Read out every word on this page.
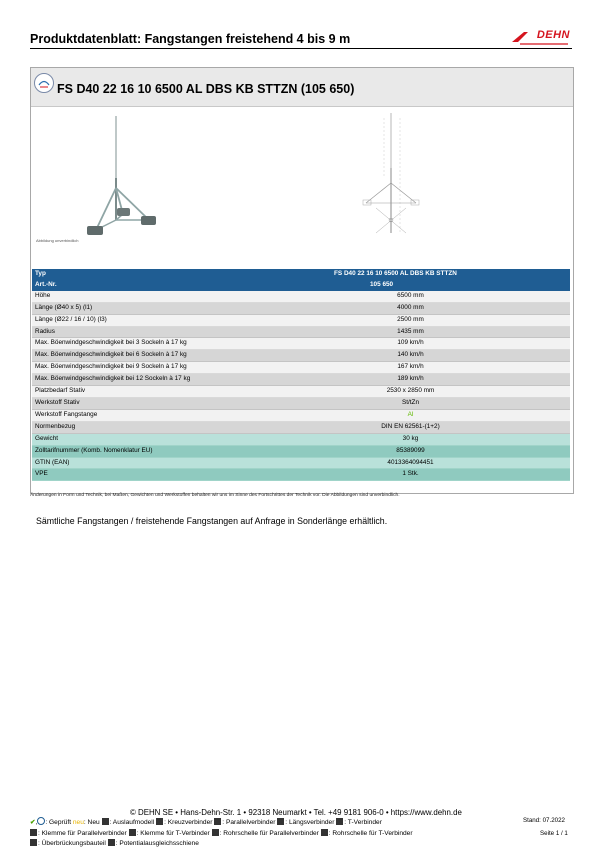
Produktdatenblatt: Fangstangen freistehend 4 bis 9 m	DEHN
FS D40 22 16 10 6500 AL DBS KB STTZN (105 650)
Abbildung unverbindlich
Typ	FS D40 22 16 10 6500 AL DBS KB STTZN	
Art.-Nr.	105 650	
Höhe	6500 mm	
Länge (Ø40 x 5) (l1)	4000 mm	
Länge (Ø22 / 16 / 10) (l3)	2500 mm	
Radius	1435 mm	
Max. Böenwindgeschwindigkeit bei 3 Sockeln à 17 kg	109 km/h	
Max. Böenwindgeschwindigkeit bei 6 Sockeln à 17 kg	140 km/h	
Max. Böenwindgeschwindigkeit bei 9 Sockeln à 17 kg	167 km/h	
Max. Böenwindgeschwindigkeit bei 12 Sockeln à 17 kg	189 km/h	
Platzbedarf Stativ	2530 x 2850 mm	
Werkstoff Stativ	St/tZn	
Werkstoff Fangstange	Al	
Normenbezug	DIN EN 62561-(1+2)	
Gewicht	30 kg	
Zolltarifnummer (Komb. Nomenklatur EU)	85389099	
GTIN (EAN)	4013364094451	
VPE	1 Stk.	
Änderungen in Form und Technik, bei Maßen, Gewichten und Werkstoffen behalten wir uns im Sinne des Fortschrittes der Technik vor. Die Abbildungen sind unverbindlich.
Sämtliche Fangstangen / freistehende Fangstangen auf Anfrage in Sonderlänge erhältlich.
© DEHN SE • Hans-Dehn-Str. 1 • 92318 Neumarkt • Tel. +49 9181 906-0 • https://www.dehn.de
Stand: 07.2022
Seite 1 / 1
✔, : Geprüft neu: Neu : Auslaufmodell : Kreuzverbinder : Parallelverbinder : Längsverbinder : T-Verbinder
: Klemme für Parallelverbinder : Klemme für T-Verbinder : Rohrschelle für Parallelverbinder : Rohrschelle für T-Verbinder
: Überbrückungsbauteil : Potentialausgleichsschiene
